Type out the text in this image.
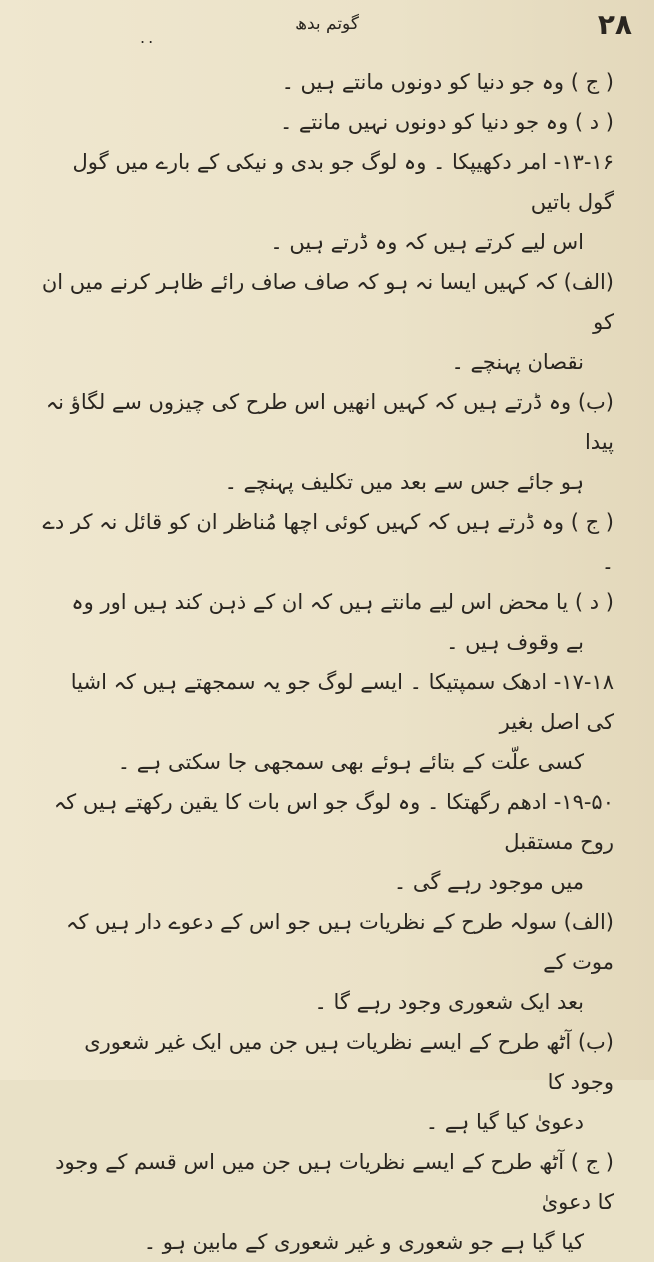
۲۸
گوتم بدھ
..

( ج ) وہ جو دنیا کو دونوں مانتے ہیں ۔

( د ) وہ جو دنیا کو دونوں نہیں مانتے ۔

۱۳-۱۶- امر دکھیپکا ۔ وہ لوگ جو بدی و نیکی کے بارے میں گول گول باتیں

اس لیے کرتے ہیں کہ وہ ڈرتے ہیں ۔

(الف) کہ کہیں ایسا نہ ہو کہ صاف صاف رائے ظاہر کرنے میں ان کو

نقصان پہنچے ۔

(ب) وہ ڈرتے ہیں کہ کہیں انھیں اس طرح کی چیزوں سے لگاؤ نہ پیدا

ہو جائے جس سے بعد میں تکلیف پہنچے ۔

( ج ) وہ ڈرتے ہیں کہ کہیں کوئی اچھا مُناظر ان کو قائل نہ کر دے ۔

( د ) یا محض اس لیے مانتے ہیں کہ ان کے ذہن کند ہیں اور وہ

بے وقوف ہیں ۔

۱۷-۱۸- ادھک سمپتیکا ۔ ایسے لوگ جو یہ سمجھتے ہیں کہ اشیا کی اصل بغیر

کسی علّت کے بتائے ہوئے بھی سمجھی جا سکتی ہے ۔

۱۹-۵۰- ادھم رگھتکا ۔ وہ لوگ جو اس بات کا یقین رکھتے ہیں کہ روح مستقبل

میں موجود رہے گی ۔

(الف) سولہ طرح کے نظریات ہیں جو اس کے دعوے دار ہیں کہ موت کے

بعد ایک شعوری وجود رہے گا ۔

(ب) آٹھ طرح کے ایسے نظریات ہیں جن میں ایک غیر شعوری وجود کا

دعویٰ کیا گیا ہے ۔

( ج ) آٹھ طرح کے ایسے نظریات ہیں جن میں اس قسم کے وجود کا دعویٰ

کیا گیا ہے جو شعوری و غیر شعوری کے مابین ہو ۔
